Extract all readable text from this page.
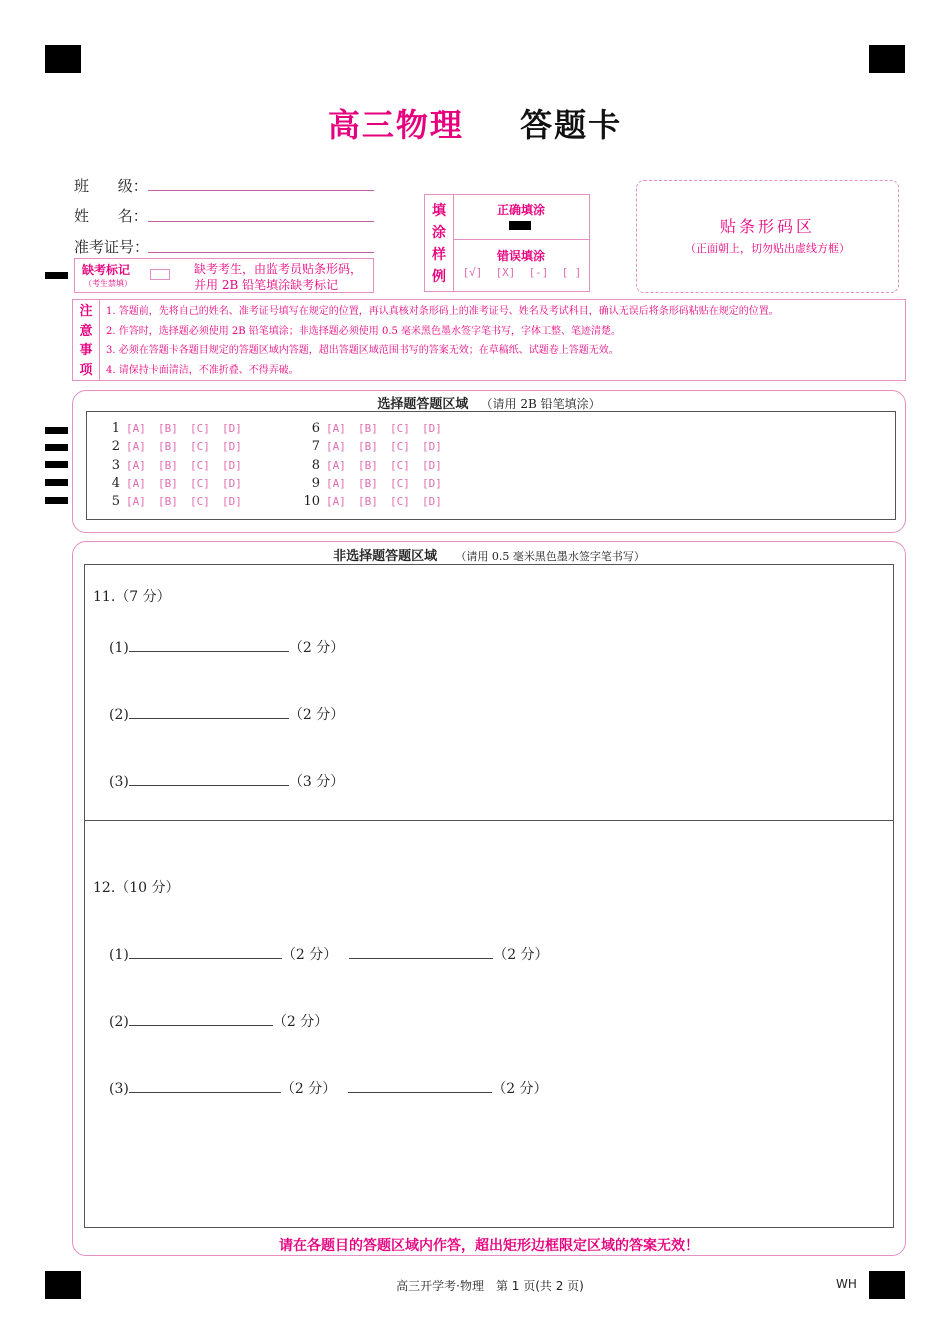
高三物理 答题卡
班 级：
姓 名：
准考证号：
缺考标记
（考生禁填）
缺考考生，由监考员贴条形码，
并用 2B 铅笔填涂缺考标记
填
涂
样
例
正确填涂
错误填涂
[√] [X] [-] [ ]
贴条形码区
（正面朝上，切勿贴出虚线方框）
注
意
事
项
1. 答题前，先将自己的姓名、准考证号填写在规定的位置，再认真核对条形码上的准考证号、姓名及考试科目，确认无误后将条形码粘贴在规定的位置。
2. 作答时，选择题必须使用 2B 铅笔填涂；非选择题必须使用 0.5 毫米黑色墨水签字笔书写，字体工整、笔迹清楚。
3. 必须在答题卡各题目规定的答题区域内答题，超出答题区域范围书写的答案无效；在草稿纸、试题卷上答题无效。
4. 请保持卡面清洁，不准折叠、不得弄破。
选择题答题区域 （请用 2B 铅笔填涂）
1 [A] [B] [C] [D]
2 [A] [B] [C] [D]
3 [A] [B] [C] [D]
4 [A] [B] [C] [D]
5 [A] [B] [C] [D]
6 [A] [B] [C] [D]
7 [A] [B] [C] [D]
8 [A] [B] [C] [D]
9 [A] [B] [C] [D]
10 [A] [B] [C] [D]
非选择题答题区域 （请用 0.5 毫米黑色墨水签字笔书写）
11.（7 分）
(1)	（2 分）
(2)	（2 分）
(3)	（3 分）
12.（10 分）
(1)	（2 分）	（2 分）
(2)	（2 分）
(3)	（2 分）	（2 分）
请在各题目的答题区域内作答，超出矩形边框限定区域的答案无效！
高三开学考·物理　第 1 页(共 2 页)	WH
